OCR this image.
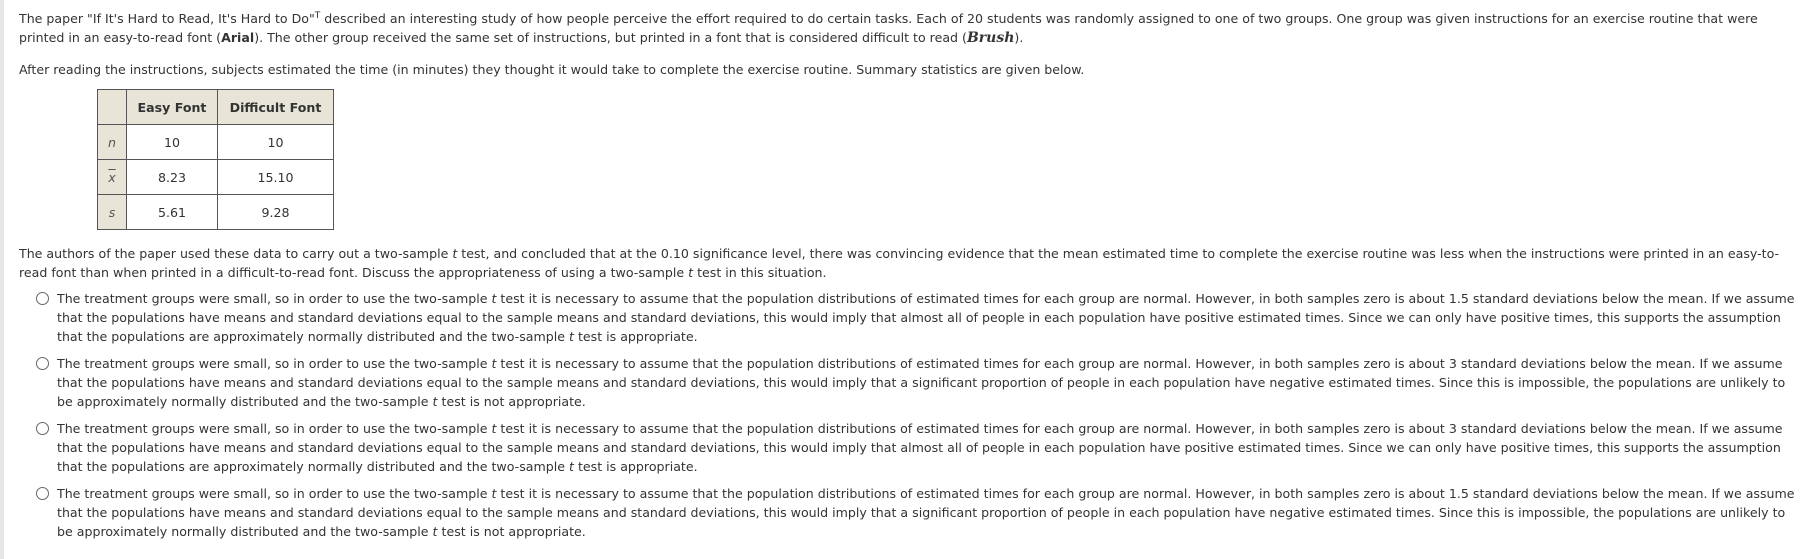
The paper "If It's Hard to Read, It's Hard to Do"$^T$ described an interesting study of how people perceive the effort required to do certain tasks. Each of 20 students was randomly assigned to one of two groups. One group was given instructions for an exercise routine that were printed in an easy-to-read font (Arial). The other group received the same set of instructions, but printed in a font that is considered difficult to read (Brush).

After reading the instructions, subjects estimated the time (in minutes) they thought it would take to complete the exercise routine. Summary statistics are given below.

	Easy Font	Difficult Font
n	10	10
$\overline{x}$	8.23	15.10
s	5.61	9.28

The authors of the paper used these data to carry out a two-sample t test, and concluded that at the 0.10 significance level, there was convincing evidence that the mean estimated time to complete the exercise routine was less when the instructions were printed in an easy-to-read font than when printed in a difficult-to-read font. Discuss the appropriateness of using a two-sample t test in this situation.

The treatment groups were small, so in order to use the two-sample t test it is necessary to assume that the population distributions of estimated times for each group are normal. However, in both samples zero is about 1.5 standard deviations below the mean. If we assume that the populations have means and standard deviations equal to the sample means and standard deviations, this would imply that almost all of people in each population have positive estimated times. Since we can only have positive times, this supports the assumption that the populations are approximately normally distributed and the two-sample t test is appropriate.
The treatment groups were small, so in order to use the two-sample t test it is necessary to assume that the population distributions of estimated times for each group are normal. However, in both samples zero is about 3 standard deviations below the mean. If we assume that the populations have means and standard deviations equal to the sample means and standard deviations, this would imply that a significant proportion of people in each population have negative estimated times. Since this is impossible, the populations are unlikely to be approximately normally distributed and the two-sample t test is not appropriate.
The treatment groups were small, so in order to use the two-sample t test it is necessary to assume that the population distributions of estimated times for each group are normal. However, in both samples zero is about 3 standard deviations below the mean. If we assume that the populations have means and standard deviations equal to the sample means and standard deviations, this would imply that almost all of people in each population have positive estimated times. Since we can only have positive times, this supports the assumption that the populations are approximately normally distributed and the two-sample t test is appropriate.
The treatment groups were small, so in order to use the two-sample t test it is necessary to assume that the population distributions of estimated times for each group are normal. However, in both samples zero is about 1.5 standard deviations below the mean. If we assume that the populations have means and standard deviations equal to the sample means and standard deviations, this would imply that a significant proportion of people in each population have negative estimated times. Since this is impossible, the populations are unlikely to be approximately normally distributed and the two-sample t test is not appropriate.
